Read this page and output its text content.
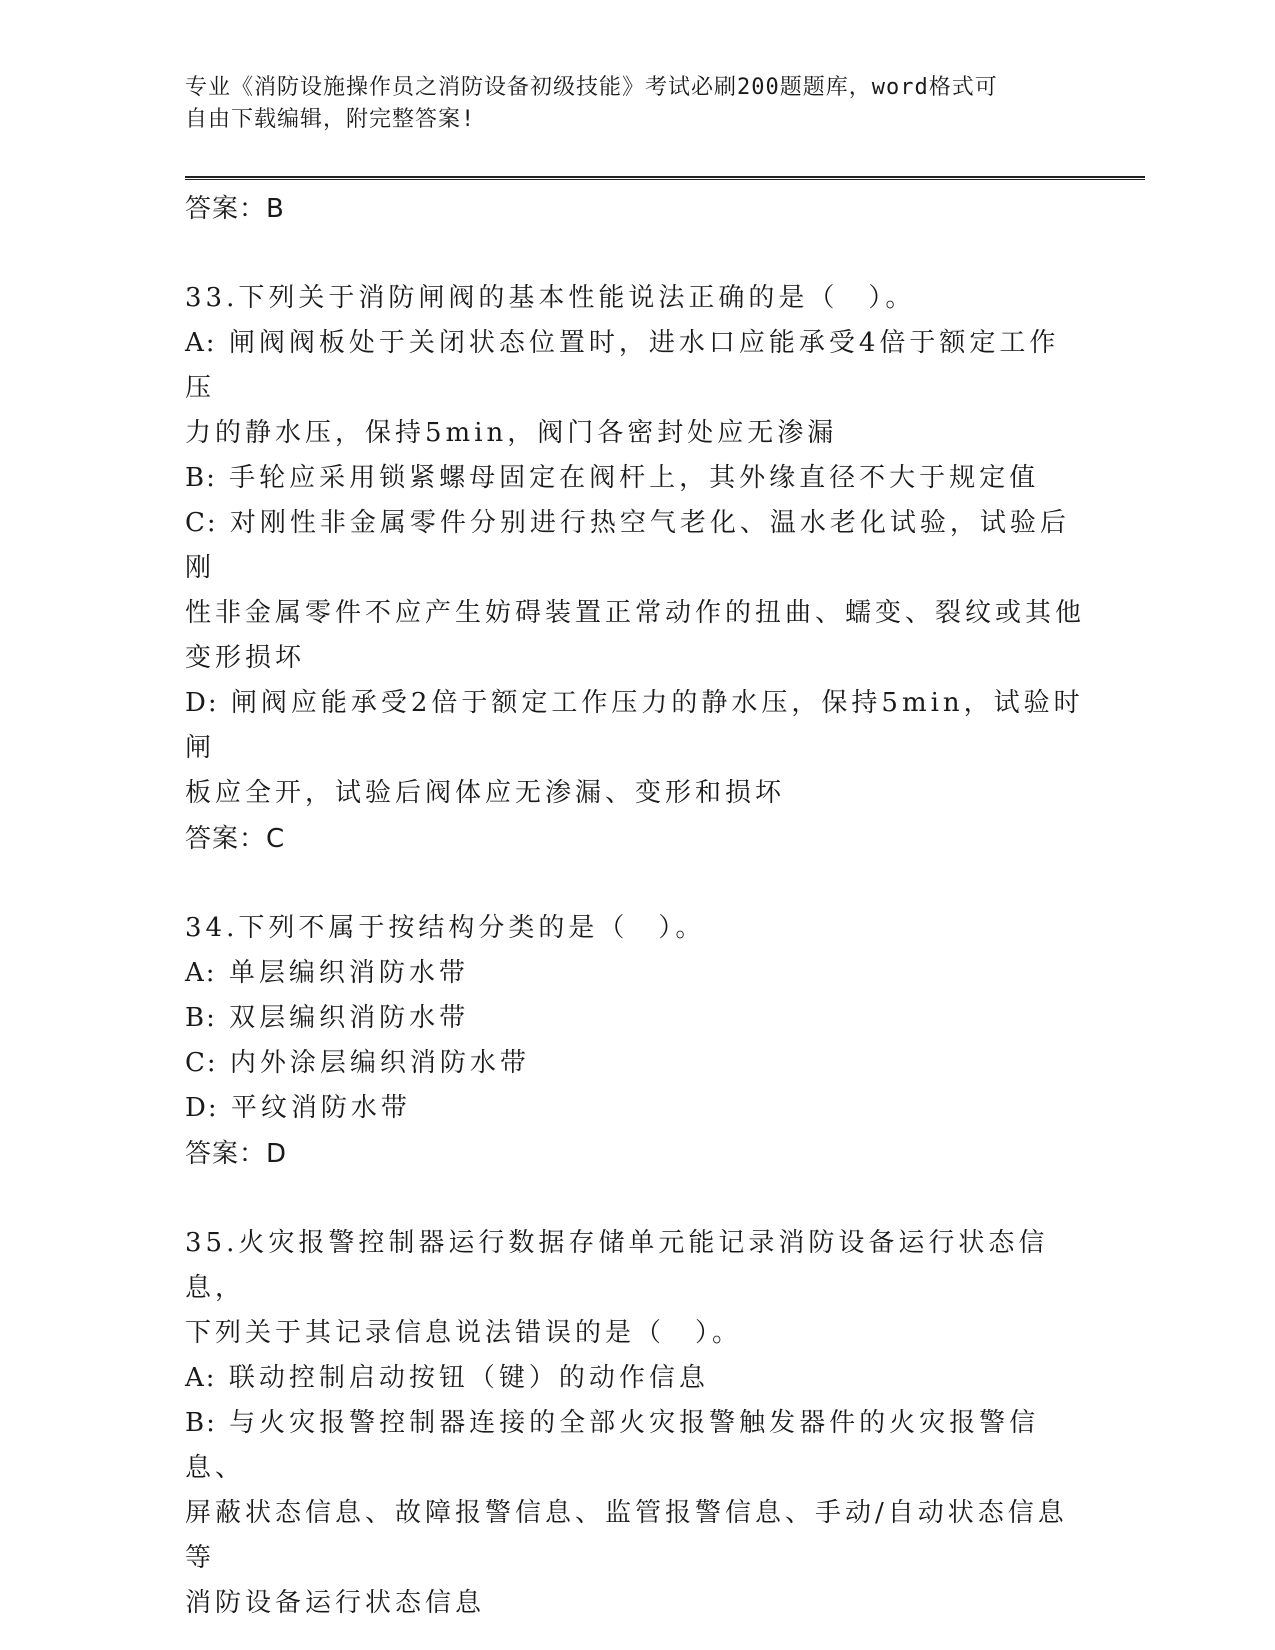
专业《消防设施操作员之消防设备初级技能》考试必刷200题题库，word格式可
自由下载编辑，附完整答案!

答案：B

33.下列关于消防闸阀的基本性能说法正确的是（　）。

A: 闸阀阀板处于关闭状态位置时，进水口应能承受4倍于额定工作压

力的静水压，保持5min，阀门各密封处应无渗漏

B: 手轮应采用锁紧螺母固定在阀杆上，其外缘直径不大于规定值

C: 对刚性非金属零件分别进行热空气老化、温水老化试验，试验后刚

性非金属零件不应产生妨碍装置正常动作的扭曲、蠕变、裂纹或其他

变形损坏

D: 闸阀应能承受2倍于额定工作压力的静水压，保持5min，试验时闸

板应全开，试验后阀体应无渗漏、变形和损坏

答案：C

34.下列不属于按结构分类的是（　）。

A: 单层编织消防水带

B: 双层编织消防水带

C: 内外涂层编织消防水带

D: 平纹消防水带

答案：D

35.火灾报警控制器运行数据存储单元能记录消防设备运行状态信息，

下列关于其记录信息说法错误的是（　）。

A: 联动控制启动按钮（键）的动作信息

B: 与火灾报警控制器连接的全部火灾报警触发器件的火灾报警信息、

屏蔽状态信息、故障报警信息、监管报警信息、手动/自动状态信息等

消防设备运行状态信息
